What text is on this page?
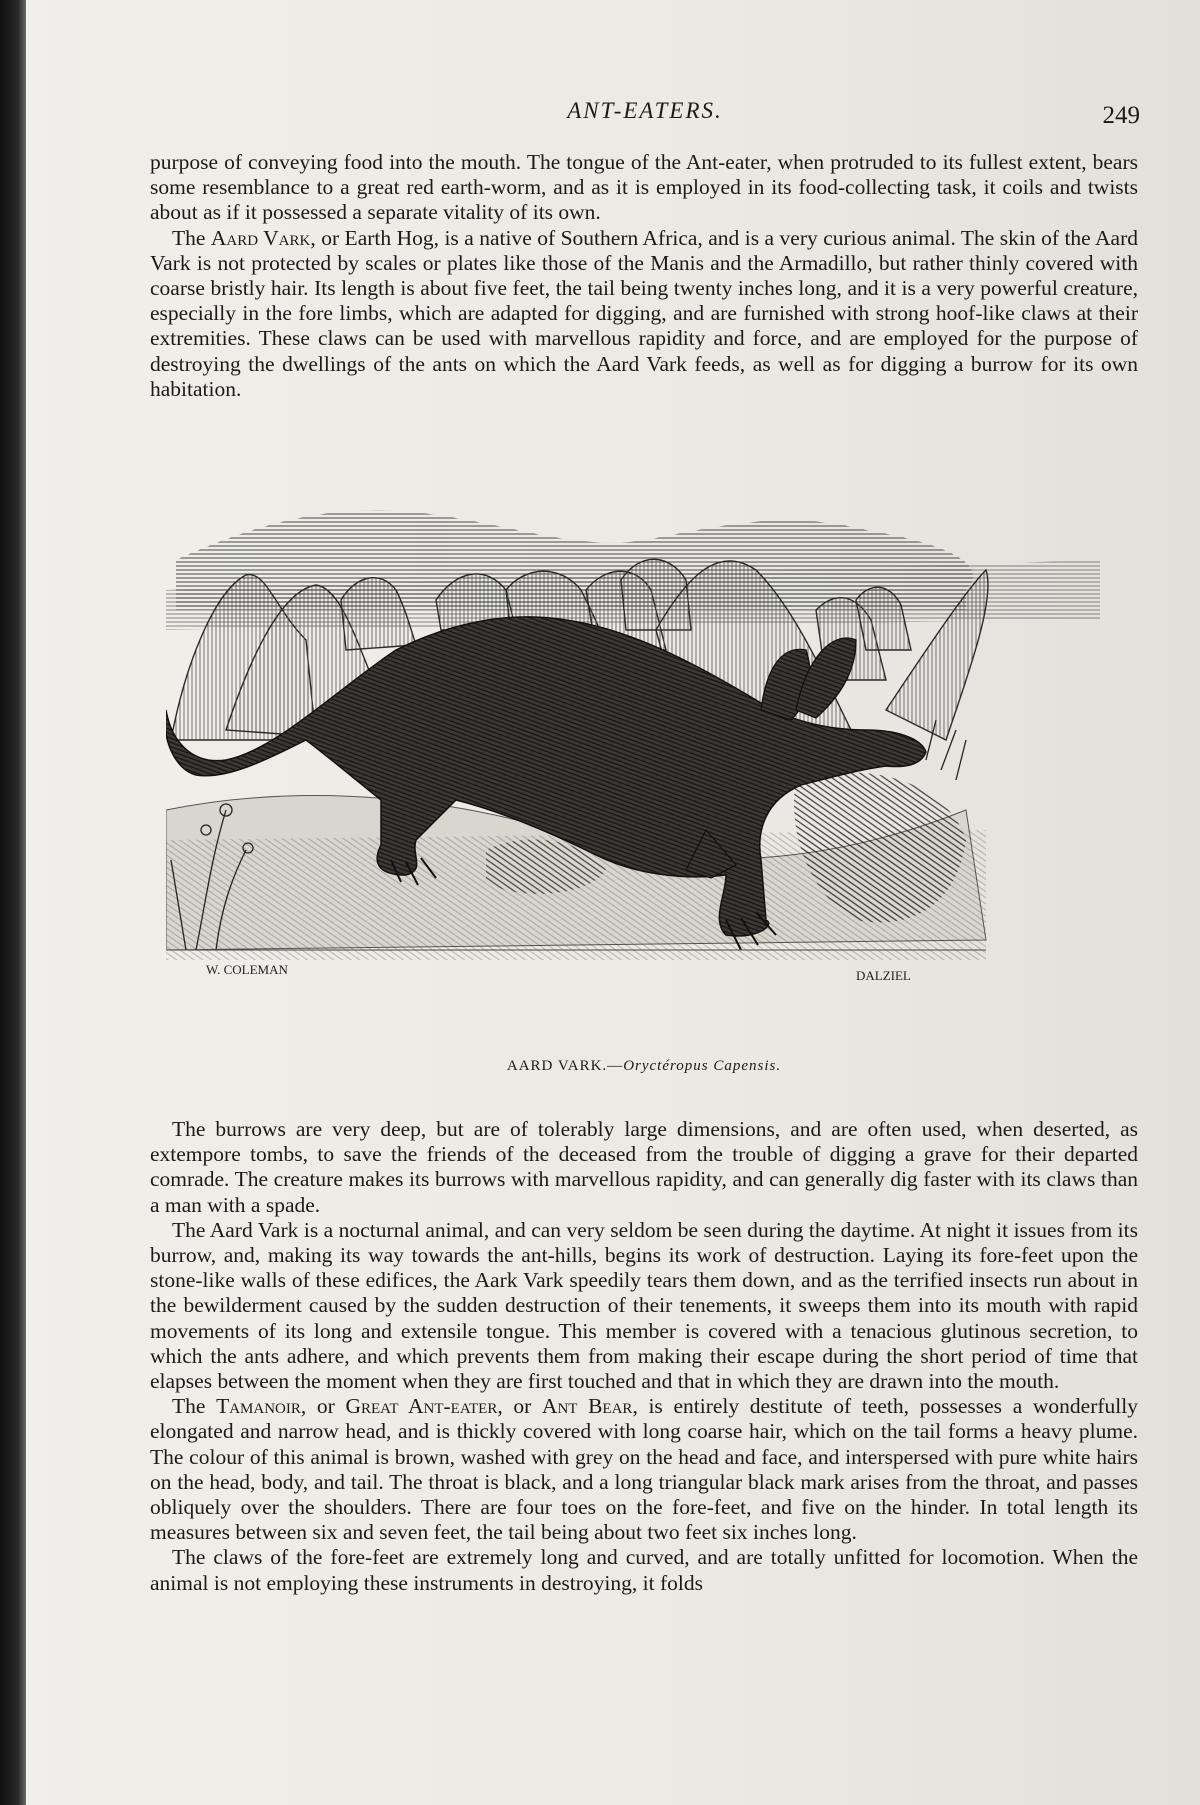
ANT-EATERS.	249

purpose of conveying food into the mouth. The tongue of the Ant-eater, when protruded to its fullest extent, bears some resemblance to a great red earth-worm, and as it is employed in its food-collecting task, it coils and twists about as if it possessed a separate vitality of its own.

The Aard Vark, or Earth Hog, is a native of Southern Africa, and is a very curious animal. The skin of the Aard Vark is not protected by scales or plates like those of the Manis and the Armadillo, but rather thinly covered with coarse bristly hair. Its length is about five feet, the tail being twenty inches long, and it is a very powerful creature, especially in the fore limbs, which are adapted for digging, and are furnished with strong hoof-like claws at their extremities. These claws can be used with marvellous rapidity and force, and are employed for the purpose of destroying the dwellings of the ants on which the Aard Vark feeds, as well as for digging a burrow for its own habitation.

W. COLEMAN	DALZIEL
AARD VARK.—Oryctéropus Capensis.

The burrows are very deep, but are of tolerably large dimensions, and are often used, when deserted, as extempore tombs, to save the friends of the deceased from the trouble of digging a grave for their departed comrade. The creature makes its burrows with marvellous rapidity, and can generally dig faster with its claws than a man with a spade.

The Aard Vark is a nocturnal animal, and can very seldom be seen during the daytime. At night it issues from its burrow, and, making its way towards the ant-hills, begins its work of destruction. Laying its fore-feet upon the stone-like walls of these edifices, the Aark Vark speedily tears them down, and as the terrified insects run about in the bewilderment caused by the sudden destruction of their tenements, it sweeps them into its mouth with rapid movements of its long and extensile tongue. This member is covered with a tenacious glutinous secretion, to which the ants adhere, and which prevents them from making their escape during the short period of time that elapses between the moment when they are first touched and that in which they are drawn into the mouth.

The Tamanoir, or Great Ant-eater, or Ant Bear, is entirely destitute of teeth, possesses a wonderfully elongated and narrow head, and is thickly covered with long coarse hair, which on the tail forms a heavy plume. The colour of this animal is brown, washed with grey on the head and face, and interspersed with pure white hairs on the head, body, and tail. The throat is black, and a long triangular black mark arises from the throat, and passes obliquely over the shoulders. There are four toes on the fore-feet, and five on the hinder. In total length its measures between six and seven feet, the tail being about two feet six inches long.

The claws of the fore-feet are extremely long and curved, and are totally unfitted for locomotion. When the animal is not employing these instruments in destroying, it folds
